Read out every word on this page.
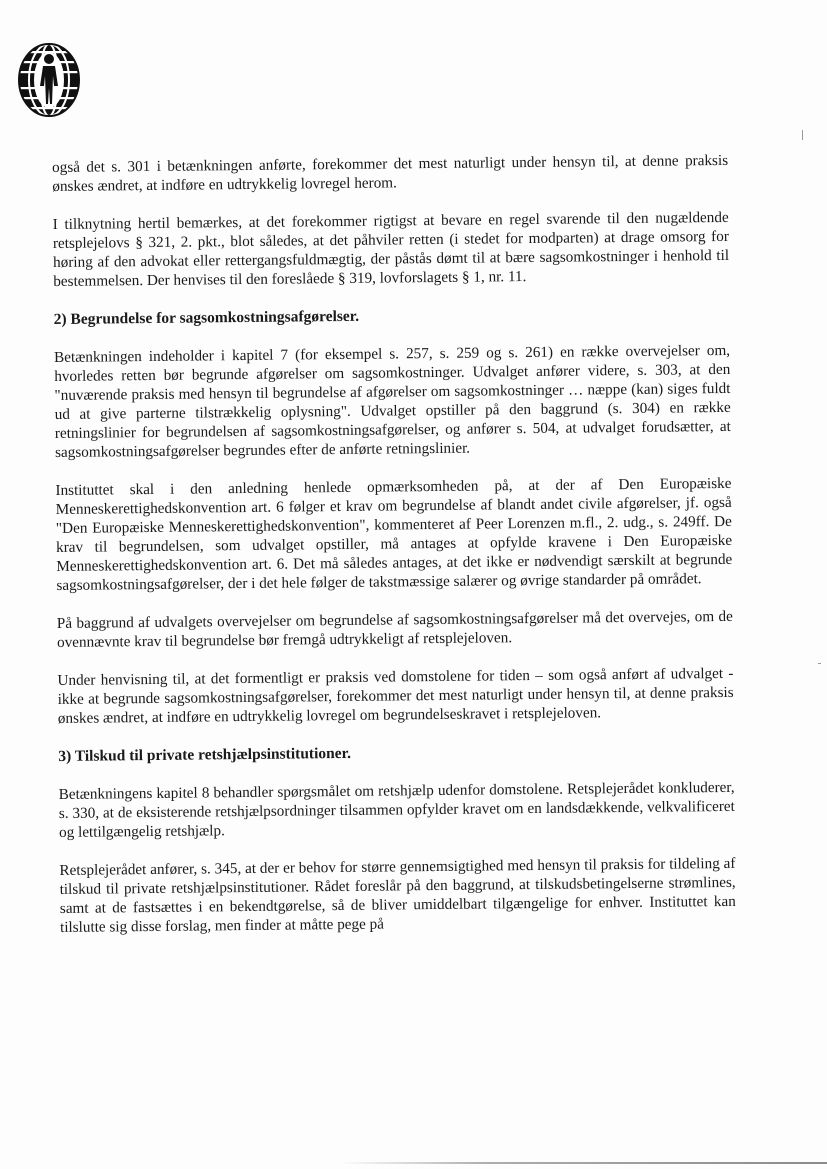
også det s. 301 i betænkningen anførte, forekommer det mest naturligt under hensyn til, at denne praksis ønskes ændret, at indføre en udtrykkelig lovregel herom.

I tilknytning hertil bemærkes, at det forekommer rigtigst at bevare en regel svarende til den nugældende retsplejelovs § 321, 2. pkt., blot således, at det påhviler retten (i stedet for modparten) at drage omsorg for høring af den advokat eller rettergangsfuldmægtig, der påstås dømt til at bære sagsomkostninger i henhold til bestemmelsen. Der henvises til den foreslåede § 319, lovforslagets § 1, nr. 11.

2) Begrundelse for sagsomkostningsafgørelser.

Betænkningen indeholder i kapitel 7 (for eksempel s. 257, s. 259 og s. 261) en række overvejelser om, hvorledes retten bør begrunde afgørelser om sagsomkostninger. Udvalget anfører videre, s. 303, at den "nuværende praksis med hensyn til begrundelse af afgørelser om sagsomkostninger … næppe (kan) siges fuldt ud at give parterne tilstrækkelig oplysning". Udvalget opstiller på den baggrund (s. 304) en række retningslinier for begrundelsen af sagsomkostningsafgørelser, og anfører s. 504, at udvalget forudsætter, at sagsomkostningsafgørelser begrundes efter de anførte retningslinier.

Instituttet skal i den anledning henlede opmærksomheden på, at der af Den Europæiske Menneskerettighedskonvention art. 6 følger et krav om begrundelse af blandt andet civile afgørelser, jf. også "Den Europæiske Menneskerettighedskonvention", kommenteret af Peer Lorenzen m.fl., 2. udg., s. 249ff. De krav til begrundelsen, som udvalget opstiller, må antages at opfylde kravene i Den Europæiske Menneskerettighedskonvention art. 6. Det må således antages, at det ikke er nødvendigt særskilt at begrunde sagsomkostningsafgørelser, der i det hele følger de takstmæssige salærer og øvrige standarder på området.

På baggrund af udvalgets overvejelser om begrundelse af sagsomkostningsafgørelser må det overvejes, om de ovennævnte krav til begrundelse bør fremgå udtrykkeligt af retsplejeloven.

Under henvisning til, at det formentligt er praksis ved domstolene for tiden – som også anført af udvalget - ikke at begrunde sagsomkostningsafgørelser, forekommer det mest naturligt under hensyn til, at denne praksis ønskes ændret, at indføre en udtrykkelig lovregel om begrundelseskravet i retsplejeloven.

3) Tilskud til private retshjælpsinstitutioner.

Betænkningens kapitel 8 behandler spørgsmålet om retshjælp udenfor domstolene. Retsplejerådet konkluderer, s. 330, at de eksisterende retshjælpsordninger tilsammen opfylder kravet om en landsdækkende, velkvalificeret og lettilgængelig retshjælp.

Retsplejerådet anfører, s. 345, at der er behov for større gennemsigtighed med hensyn til praksis for tildeling af tilskud til private retshjælpsinstitutioner. Rådet foreslår på den baggrund, at tilskudsbetingelserne strømlines, samt at de fastsættes i en bekendtgørelse, så de bliver umiddelbart tilgængelige for enhver. Instituttet kan tilslutte sig disse forslag, men finder at måtte pege på
